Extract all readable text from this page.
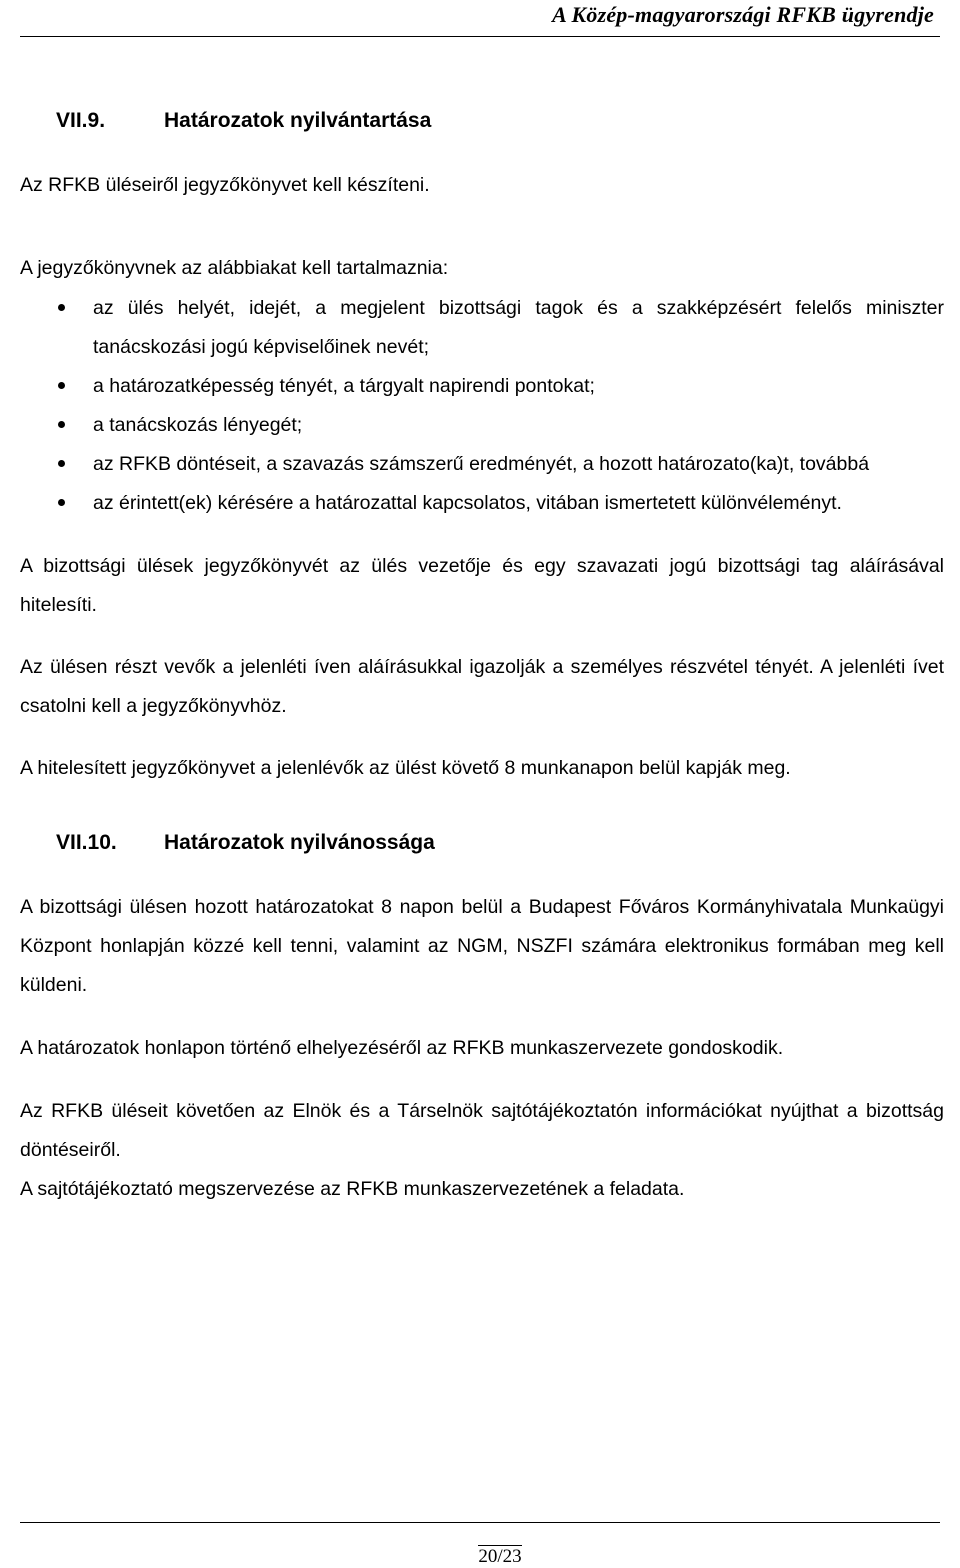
A Közép-magyarországi RFKB ügyrendje
VII.9.	Határozatok nyilvántartása

Az RFKB üléseiről jegyzőkönyvet kell készíteni.

A jegyzőkönyvnek az alábbiakat kell tartalmaznia:

az ülés helyét, idejét, a megjelent bizottsági tagok és a szakképzésért felelős miniszter tanácskozási jogú képviselőinek nevét;
a határozatképesség tényét, a tárgyalt napirendi pontokat;
a tanácskozás lényegét;
az RFKB döntéseit, a szavazás számszerű eredményét, a hozott határozato(ka)t, továbbá
az érintett(ek) kérésére a határozattal kapcsolatos, vitában ismertetett különvéleményt.

A bizottsági ülések jegyzőkönyvét az ülés vezetője és egy szavazati jogú bizottsági tag aláírásával hitelesíti.

Az ülésen részt vevők a jelenléti íven aláírásukkal igazolják a személyes részvétel tényét. A jelenléti ívet csatolni kell a jegyzőkönyvhöz.

A hitelesített jegyzőkönyvet a jelenlévők az ülést követő 8 munkanapon belül kapják meg.

VII.10.	Határozatok nyilvánossága

A bizottsági ülésen hozott határozatokat 8 napon belül a Budapest Főváros Kormányhivatala Munkaügyi Központ honlapján közzé kell tenni, valamint az NGM, NSZFI számára elektronikus formában meg kell küldeni.

A határozatok honlapon történő elhelyezéséről az RFKB munkaszervezete gondoskodik.

Az RFKB üléseit követően az Elnök és a Társelnök sajtótájékoztatón információkat nyújthat a bizottság döntéseiről.

A sajtótájékoztató megszervezése az RFKB munkaszervezetének a feladata.

20/23
